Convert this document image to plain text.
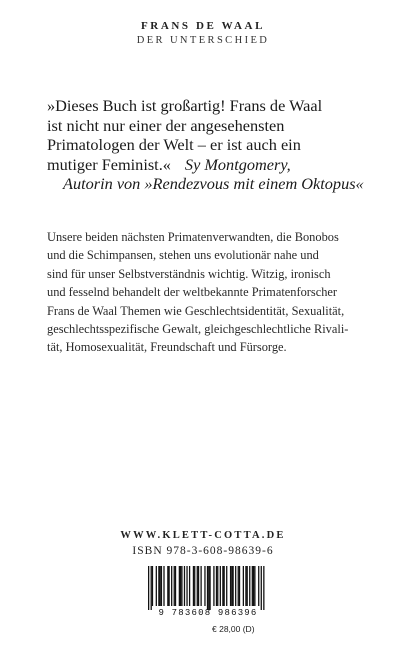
FRANS DE WAAL
DER UNTERSCHIED
»Dieses Buch ist großartig! Frans de Waal
ist nicht nur einer der angesehensten
Primatologen der Welt – er ist auch ein
mutiger Feminist.« Sy Montgomery,
Autorin von »Rendezvous mit einem Oktopus«
Unsere beiden nächsten Primatenverwandten, die Bonobos
und die Schimpansen, stehen uns evolutionär nahe und
sind für unser Selbstverständnis wichtig. Witzig, ironisch
und fesselnd behandelt der weltbekannte Primatenforscher
Frans de Waal Themen wie Geschlechtsidentität, Sexualität,
geschlechtsspezifische Gewalt, gleichgeschlechtliche Rivali-
tät, Homosexualität, Freundschaft und Fürsorge.
WWW.KLETT-COTTA.DE
ISBN 978-3-608-98639-6
9 783608 986396
€ 28,00 (D)
